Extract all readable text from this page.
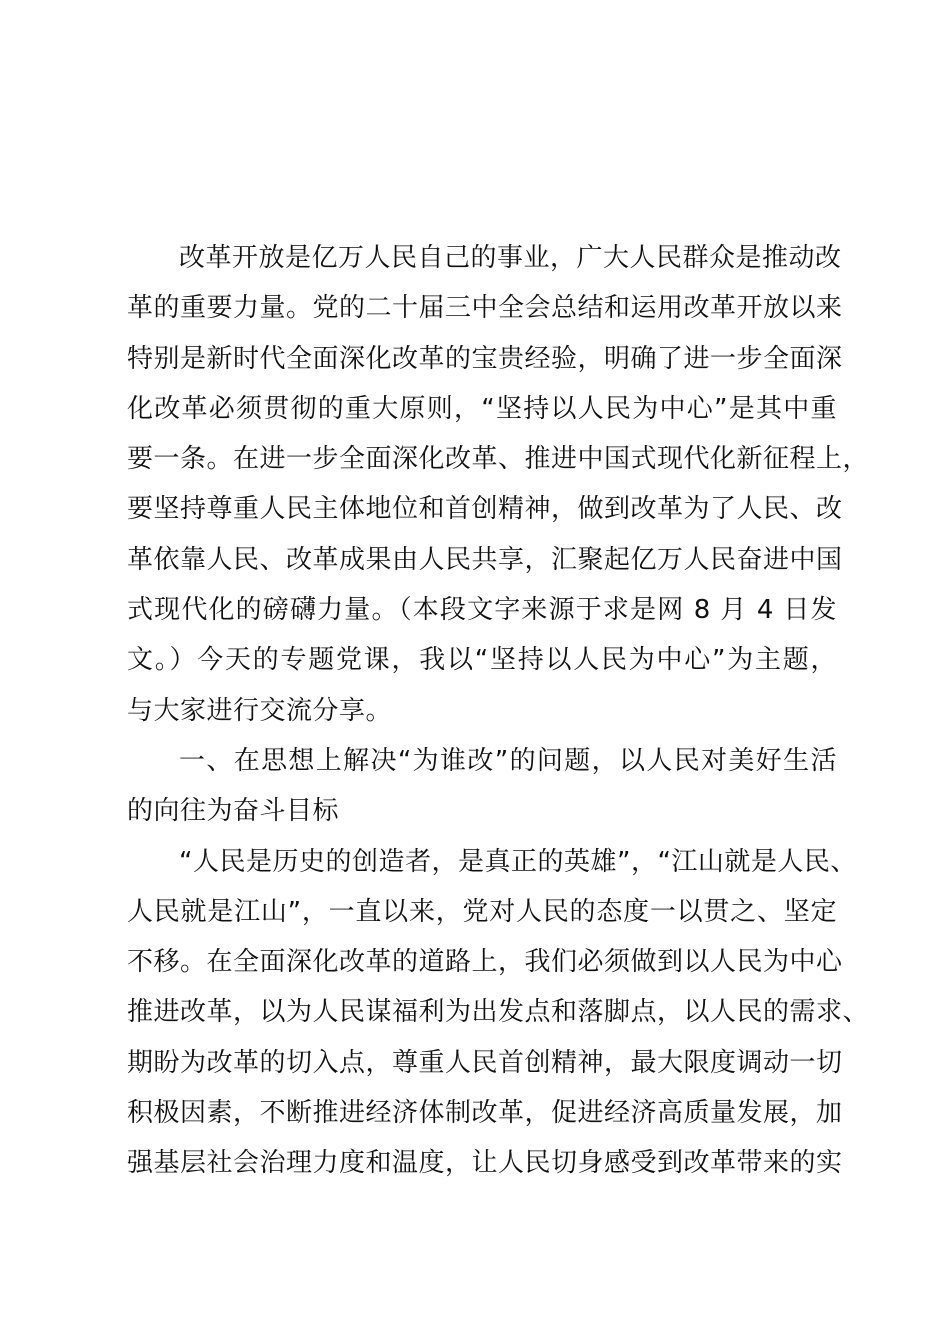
改革开放是亿万人民自己的事业，广大人民群众是推动改
革的重要力量。党的二十届三中全会总结和运用改革开放以来
特别是新时代全面深化改革的宝贵经验，明确了进一步全面深
化改革必须贯彻的重大原则，“坚持以人民为中心”是其中重
要一条。在进一步全面深化改革、推进中国式现代化新征程上，
要坚持尊重人民主体地位和首创精神，做到改革为了人民、改
革依靠人民、改革成果由人民共享，汇聚起亿万人民奋进中国
式现代化的磅礴力量。（本段文字来源于求是网 8 月 4 日发
文。）今天的专题党课，我以“坚持以人民为中心”为主题，
与大家进行交流分享。
一、在思想上解决“为谁改”的问题，以人民对美好生活
的向往为奋斗目标
“人民是历史的创造者，是真正的英雄”，“江山就是人民、
人民就是江山”，一直以来，党对人民的态度一以贯之、坚定
不移。在全面深化改革的道路上，我们必须做到以人民为中心
推进改革，以为人民谋福利为出发点和落脚点，以人民的需求、
期盼为改革的切入点，尊重人民首创精神，最大限度调动一切
积极因素，不断推进经济体制改革，促进经济高质量发展，加
强基层社会治理力度和温度，让人民切身感受到改革带来的实
